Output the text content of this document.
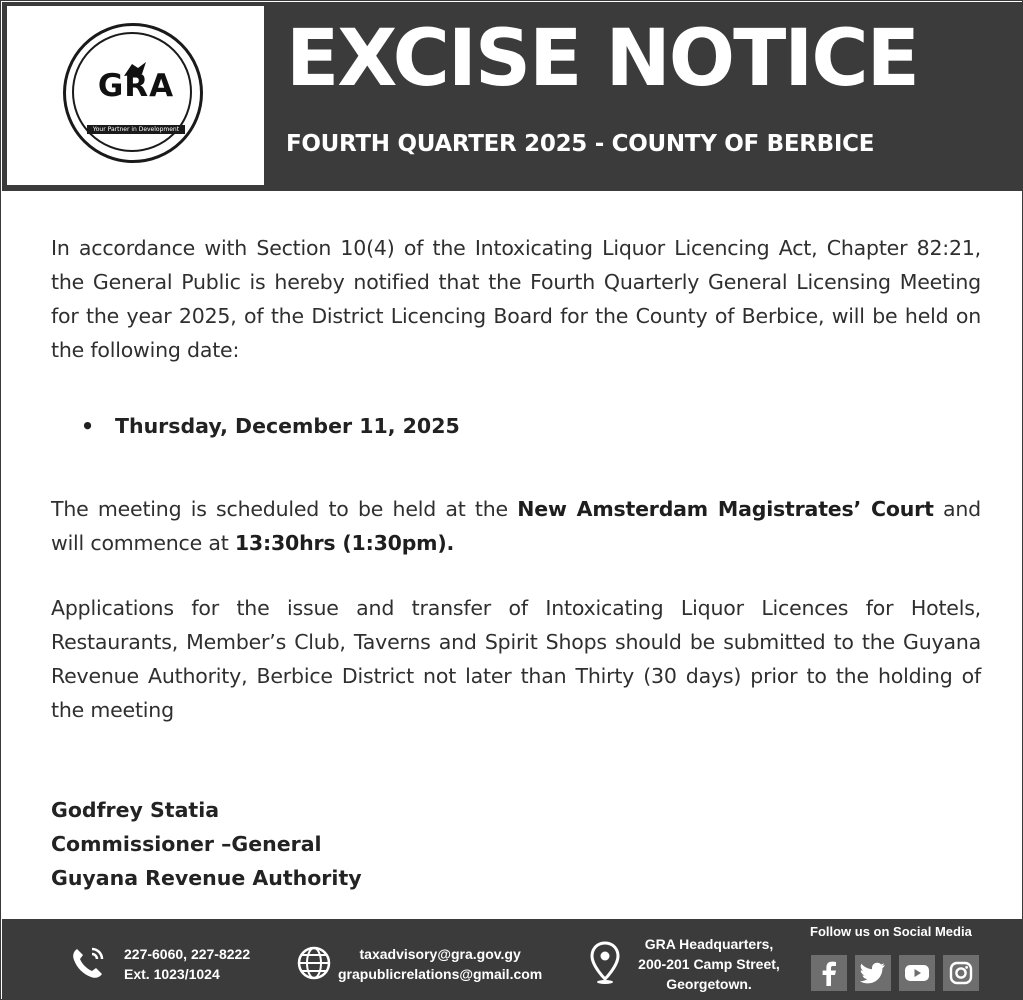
GRA
Your Partner in Development
EXCISE NOTICE
FOURTH QUARTER 2025 - COUNTY OF BERBICE

In accordance with Section 10(4) of the Intoxicating Liquor Licencing Act, Chapter 82:21, the General Public is hereby notified that the Fourth Quarterly General Licensing Meeting for the year 2025, of the District Licencing Board for the County of Berbice, will be held on the following date:

• Thursday, December 11, 2025

The meeting is scheduled to be held at the New Amsterdam Magistrates’ Court and will commence at 13:30hrs (1:30pm).

Applications for the issue and transfer of Intoxicating Liquor Licences for Hotels, Restaurants, Member’s Club, Taverns and Spirit Shops should be submitted to the Guyana Revenue Authority, Berbice District not later than Thirty (30 days) prior to the holding of the meeting

Godfrey Statia
Commissioner –General
Guyana Revenue Authority
227-6060, 227-8222
Ext. 1023/1024
taxadvisory@gra.gov.gy
grapublicrelations@gmail.com
GRA Headquarters,
200-201 Camp Street,
Georgetown.
Follow us on Social Media
